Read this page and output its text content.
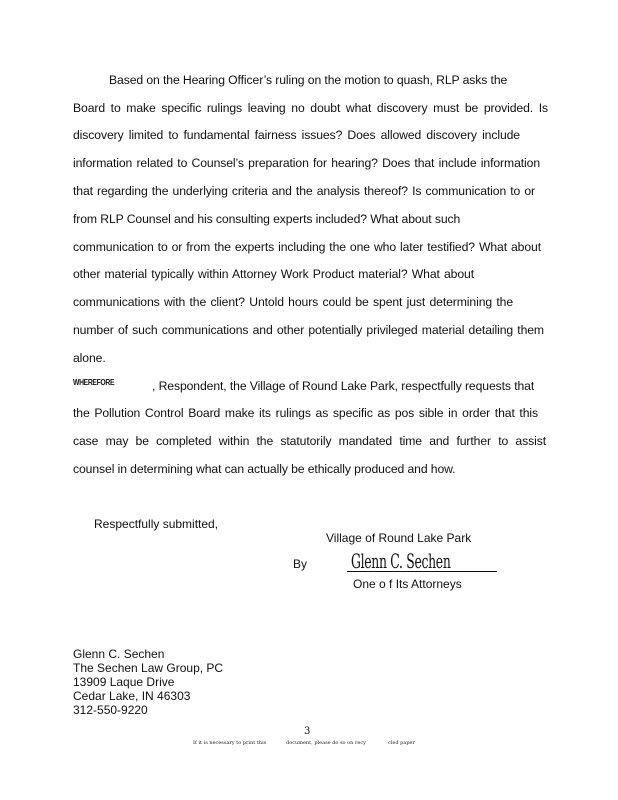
Based on the Hearing Officer’s ruling on the motion to quash, RLP asks the
Board to make specific rulings leaving no doubt what discovery must be provided. Is
discovery limited to fundamental fairness issues? Does allowed discovery include
information related to Counsel’s preparation for hearing? Does that include information
that regarding the underlying criteria and the analysis thereof? Is communication to or
from RLP Counsel and his consulting experts included? What about such
communication to or from the experts including the one who later testified? What about
other material typically within Attorney Work Product material? What about
communications with the client? Untold hours could be spent just determining the
number of such communications and other potentially privileged material detailing them
alone.
WHEREFORE	, Respondent, the Village of Round Lake Park, respectfully requests that
the Pollution Control Board make its rulings as specific as pos sible in order that this
case may be completed within the statutorily mandated time and further to assist
counsel in determining what can actually be ethically produced and how.
Respectfully submitted,
Village of Round Lake Park
By Glenn C. Sechen
One o f Its Attorneys
Glenn C. Sechen
The Sechen Law Group, PC
13909 Laque Drive
Cedar Lake, IN 46303
312-550-9220
3
If it is necessary to print this	document, please do so on recy	cled paper
